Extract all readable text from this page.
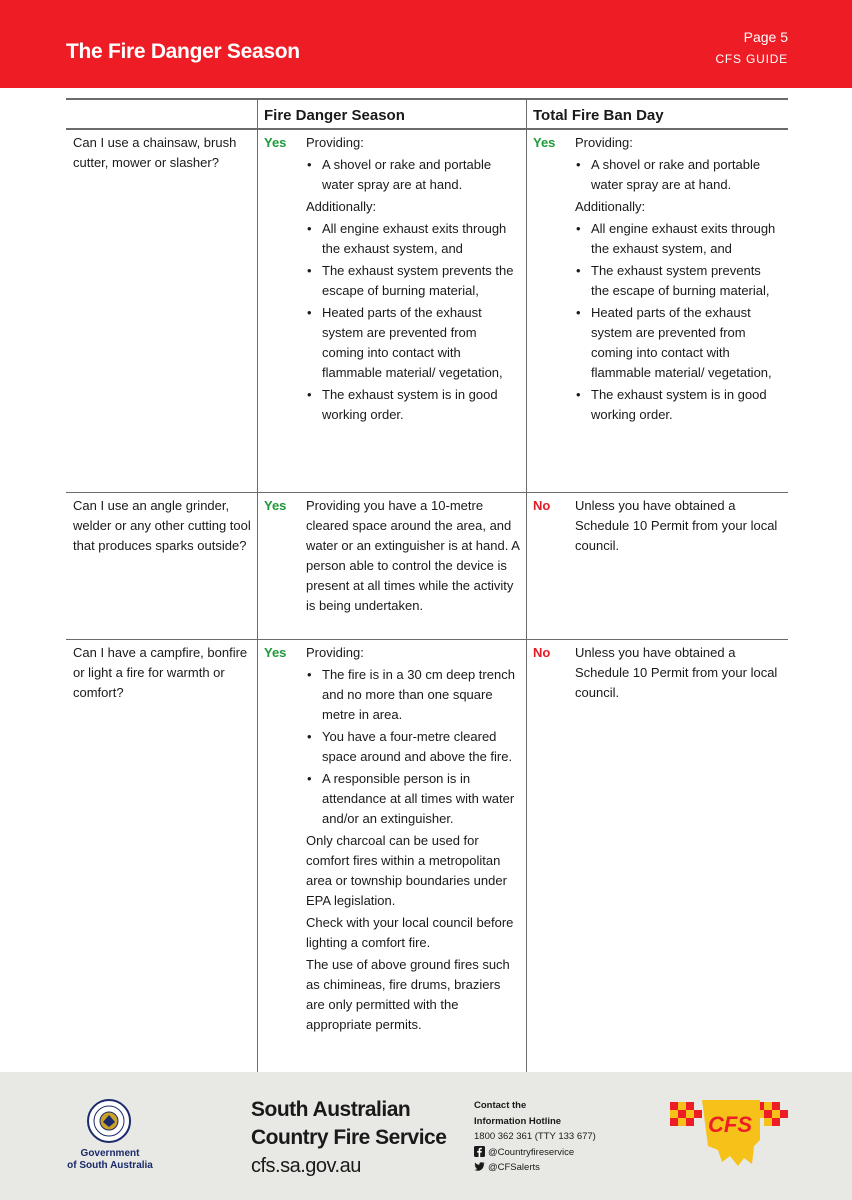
The Fire Danger Season
Page 5
CFS GUIDE
Fire Danger Season	Total Fire Ban Day
Can I use a chainsaw, brush cutter, mower or slasher?
Yes	Providing:

• A shovel or rake and portable water spray are at hand.

Additionally:

• All engine exhaust exits through the exhaust system, and
• The exhaust system prevents the escape of burning material,
• Heated parts of the exhaust system are prevented from coming into contact with flammable material/ vegetation,
• The exhaust system is in good working order.
Yes	Providing:

• A shovel or rake and portable water spray are at hand.

Additionally:

• All engine exhaust exits through the exhaust system, and
• The exhaust system prevents the escape of burning material,
• Heated parts of the exhaust system are prevented from coming into contact with flammable material/ vegetation,
• The exhaust system is in good working order.
Can I use an angle grinder, welder or any other cutting tool that produces sparks outside?
Yes	Providing you have a 10-metre cleared space around the area, and water or an extinguisher is at hand. A person able to control the device is present at all times while the activity is being undertaken.
No	Unless you have obtained a Schedule 10 Permit from your local council.
Can I have a campfire, bonfire or light a fire for warmth or comfort?
Yes	Providing:

• The fire is in a 30 cm deep trench and no more than one square metre in area.
• You have a four-metre cleared space around and above the fire.
• A responsible person is in attendance at all times with water and/or an extinguisher.

Only charcoal can be used for comfort fires within a metropolitan area or township boundaries under EPA legislation.

Check with your local council before lighting a comfort fire.

The use of above ground fires such as chimineas, fire drums, braziers are only permitted with the appropriate permits.

No	Unless you have obtained a Schedule 10 Permit from your local council.
Government
of South Australia
South Australian
Country Fire Service
cfs.sa.gov.au
Contact the
Information Hotline
1800 362 361 (TTY 133 677)
@Countryfireservice
@CFSalerts
CFS
